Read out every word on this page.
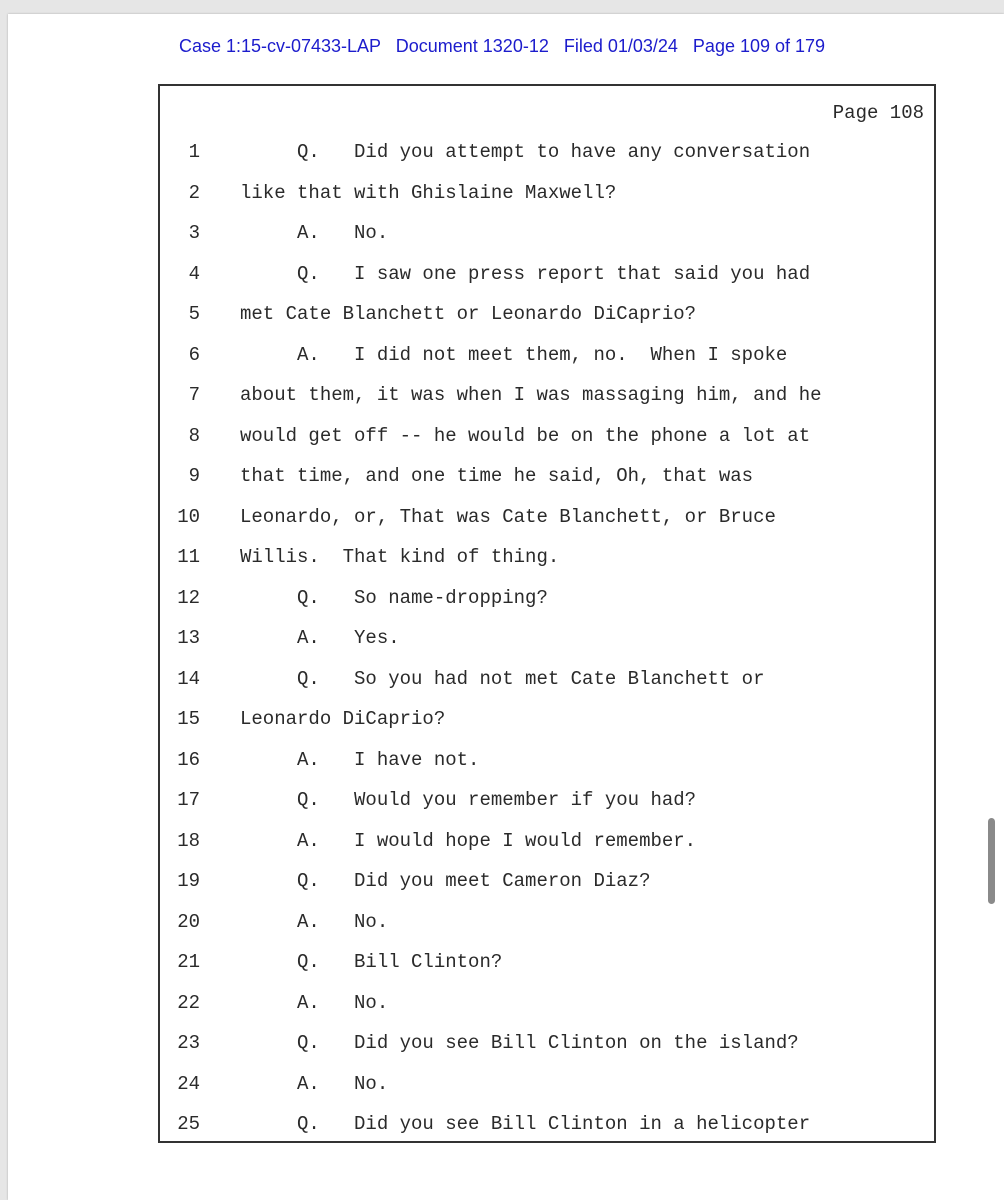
Case 1:15-cv-07433-LAP   Document 1320-12   Filed 01/03/24   Page 109 of 179
Page 108
1 Q.   Did you attempt to have any conversation
2 like that with Ghislaine Maxwell?
3 A.   No.
4 Q.   I saw one press report that said you had
5 met Cate Blanchett or Leonardo DiCaprio?
6 A.   I did not meet them, no.  When I spoke
7 about them, it was when I was massaging him, and he
8 would get off -- he would be on the phone a lot at
9 that time, and one time he said, Oh, that was
10 Leonardo, or, That was Cate Blanchett, or Bruce
11 Willis.  That kind of thing.
12 Q.   So name-dropping?
13 A.   Yes.
14 Q.   So you had not met Cate Blanchett or
15 Leonardo DiCaprio?
16 A.   I have not.
17 Q.   Would you remember if you had?
18 A.   I would hope I would remember.
19 Q.   Did you meet Cameron Diaz?
20 A.   No.
21 Q.   Bill Clinton?
22 A.   No.
23 Q.   Did you see Bill Clinton on the island?
24 A.   No.
25 Q.   Did you see Bill Clinton in a helicopter
